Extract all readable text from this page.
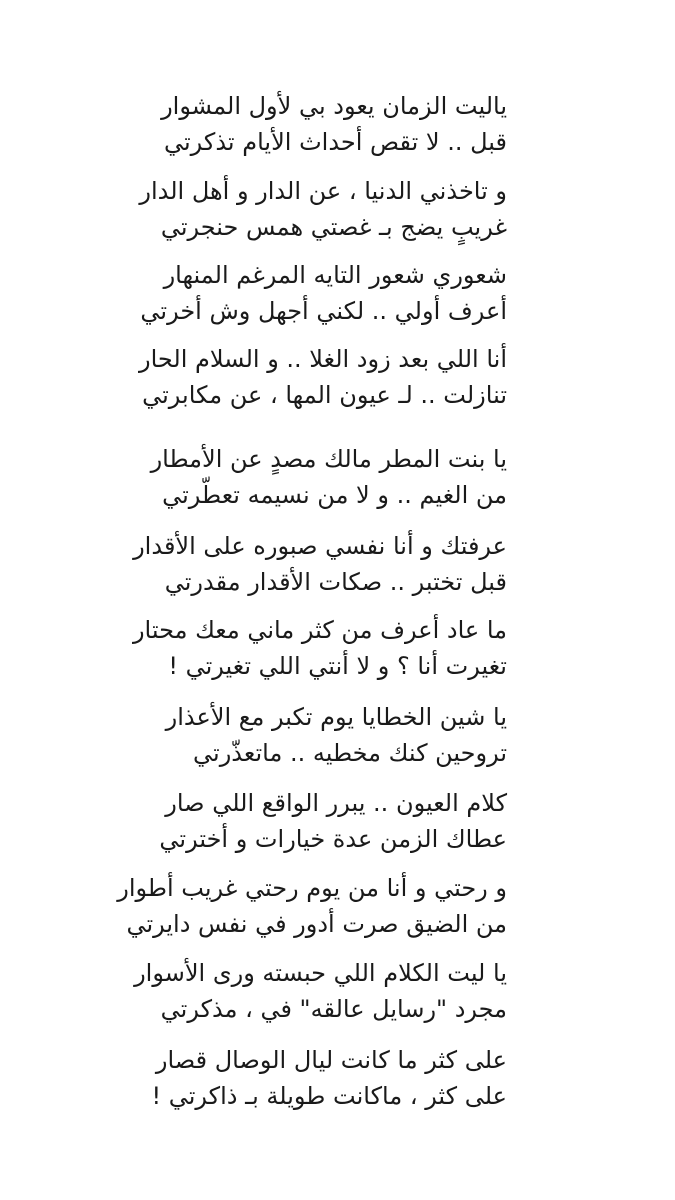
ياليت الزمان يعود بي لأول المشوار
قبل .. لا تقص أحداث الأيام تذكرتي
و تاخذني الدنيا ، عن الدار و أهل الدار
غريبٍ يضج بـ غصتي همس حنجرتي
شعوري شعور التايه المرغم المنهار
أعرف أولي .. لكني أجهل وش أخرتي
أنا اللي بعد زود الغلا .. و السلام الحار
تنازلت .. لـ عيون المها ، عن مكابرتي
يا بنت المطر مالك مصدٍ عن الأمطار
من الغيم .. و لا من نسيمه تعطّرتي
عرفتك و أنا نفسي صبوره على الأقدار
قبل تختبر .. صكات الأقدار مقدرتي
ما عاد أعرف من كثر ماني معك محتار
تغيرت أنا ؟ و لا أنتي اللي تغيرتي !
يا شين الخطايا يوم تكبر مع الأعذار
تروحين كنك مخطيه .. ماتعذّرتي
كلام العيون .. يبرر الواقع اللي صار
عطاك الزمن عدة خيارات و أخترتي
و رحتي و أنا من يوم رحتي غريب أطوار
من الضيق صرت أدور في نفس دايرتي
يا ليت الكلام اللي حبسته ورى الأسوار
مجرد "رسايل عالقه" في ، مذكرتي
على كثر ما كانت ليال الوصال قصار
على كثر ، ماكانت طويلة بـ ذاكرتي !
